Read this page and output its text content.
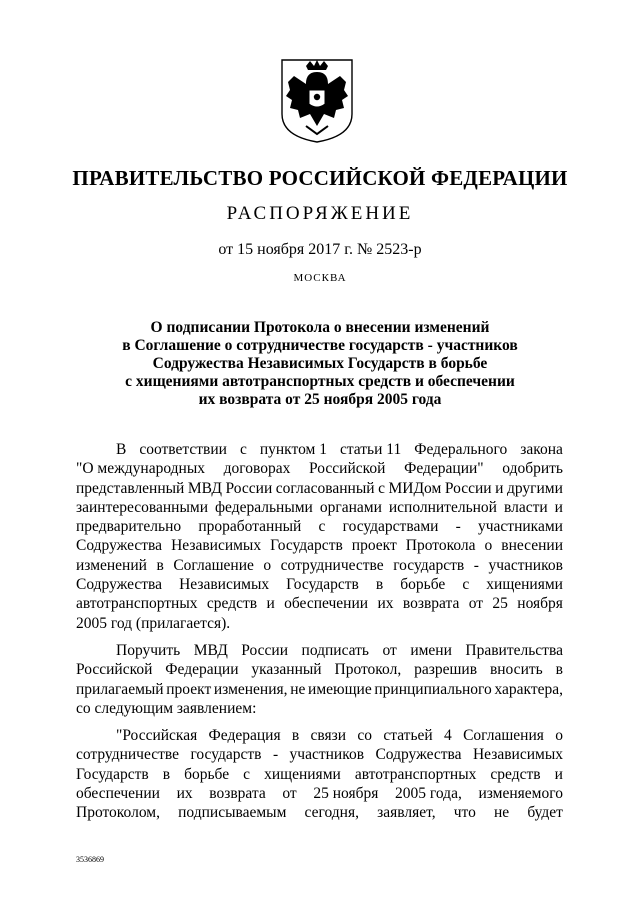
ПРАВИТЕЛЬСТВО РОССИЙСКОЙ ФЕДЕРАЦИИ
РАСПОРЯЖЕНИЕ
от 15 ноября 2017 г. № 2523-р
МОСКВА
О подписании Протокола о внесении изменений
в Соглашение о сотрудничестве государств - участников
Содружества Независимых Государств в борьбе
с хищениями автотранспортных средств и обеспечении
их возврата от 25 ноября 2005 года
В соответствии с пунктом 1 статьи 11 Федерального закона
"О международных договорах Российской Федерации" одобрить
представленный МВД России согласованный с МИДом России и другими
заинтересованными федеральными органами исполнительной власти и
предварительно проработанный с государствами - участниками
Содружества Независимых Государств проект Протокола о внесении
изменений в Соглашение о сотрудничестве государств - участников
Содружества Независимых Государств в борьбе с хищениями
автотранспортных средств и обеспечении их возврата от 25 ноября
2005 год (прилагается).
Поручить МВД России подписать от имени Правительства
Российской Федерации указанный Протокол, разрешив вносить в
прилагаемый проект изменения, не имеющие принципиального характера,
со следующим заявлением:
"Российская Федерация в связи со статьей 4 Соглашения о
сотрудничестве государств - участников Содружества Независимых
Государств в борьбе с хищениями автотранспортных средств и
обеспечении их возврата от 25 ноября 2005 года, изменяемого
Протоколом, подписываемым сегодня, заявляет, что не будет
3536869
